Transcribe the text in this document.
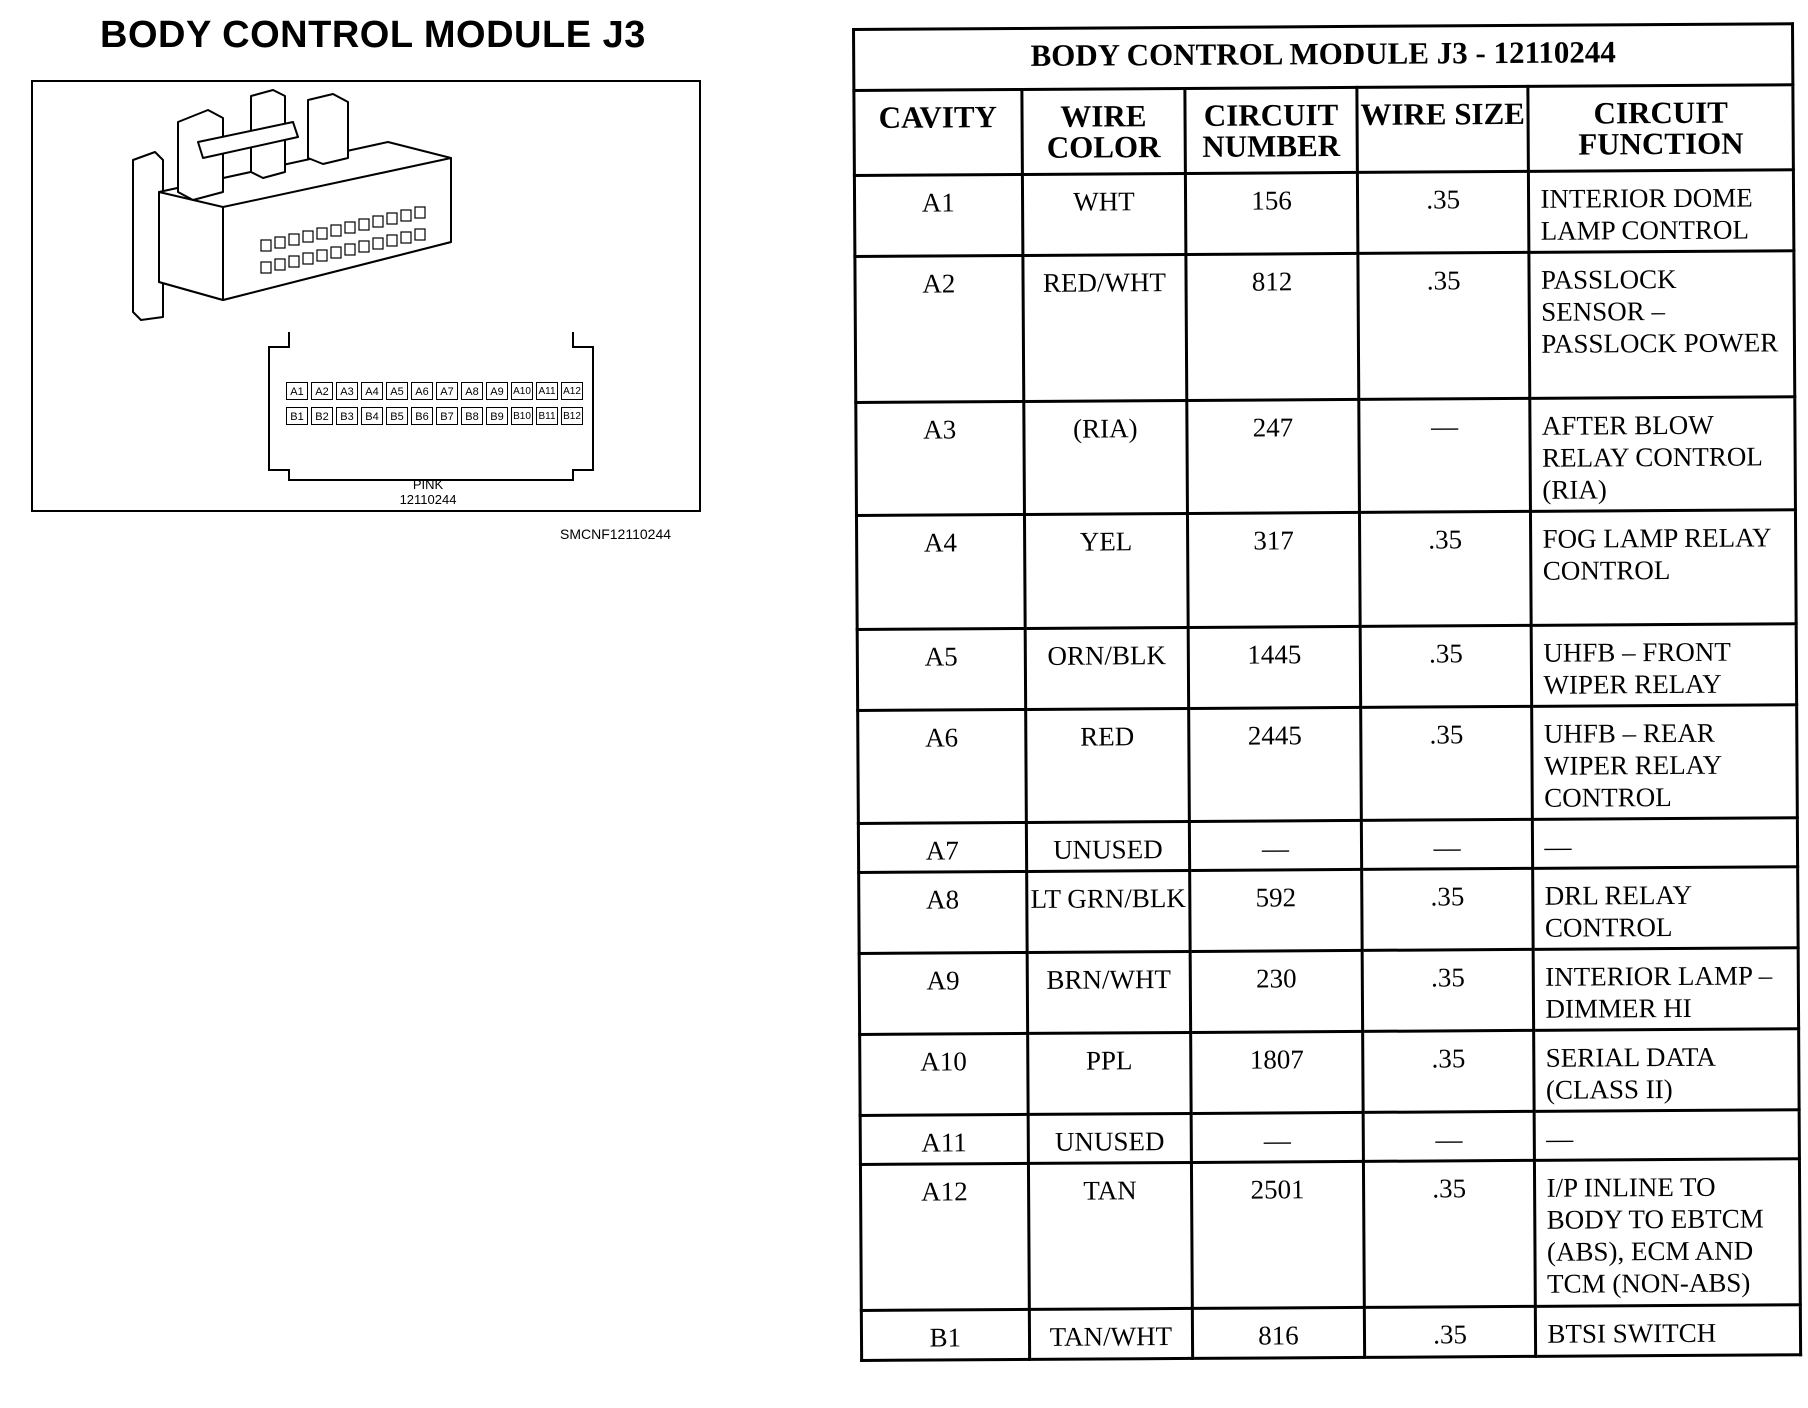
BODY CONTROL MODULE J3
A1	A2	A3	A4	A5	A6	A7	A8	A9 A10 A11 A12
B1	B2	B3	B4	B5	B6	B7	B8	B9 B10 B11 B12
PINK
12110244
SMCNF12110244
BODY CONTROL MODULE J3 - 12110244				
CAVITY	WIRE COLOR	CIRCUIT NUMBER	WIRE SIZE	CIRCUIT FUNCTION
A1	WHT	156	.35	INTERIOR DOME LAMP CONTROL
A2	RED/WHT	812	.35	PASSLOCK SENSOR – PASSLOCK POWER
A3	(RIA)	247	—	AFTER BLOW RELAY CONTROL (RIA)
A4	YEL	317	.35	FOG LAMP RELAY CONTROL
A5	ORN/BLK	1445	.35	UHFB – FRONT WIPER RELAY
A6	RED	2445	.35	UHFB – REAR WIPER RELAY CONTROL
A7	UNUSED	—	—	—
A8	LT GRN/BLK	592	.35	DRL RELAY CONTROL
A9	BRN/WHT	230	.35	INTERIOR LAMP – DIMMER HI
A10	PPL	1807	.35	SERIAL DATA (CLASS II)
A11	UNUSED	—	—	—
A12	TAN	2501	.35	I/P INLINE TO BODY TO EBTCM (ABS), ECM AND TCM (NON-ABS)
B1	TAN/WHT	816	.35	BTSI SWITCH
